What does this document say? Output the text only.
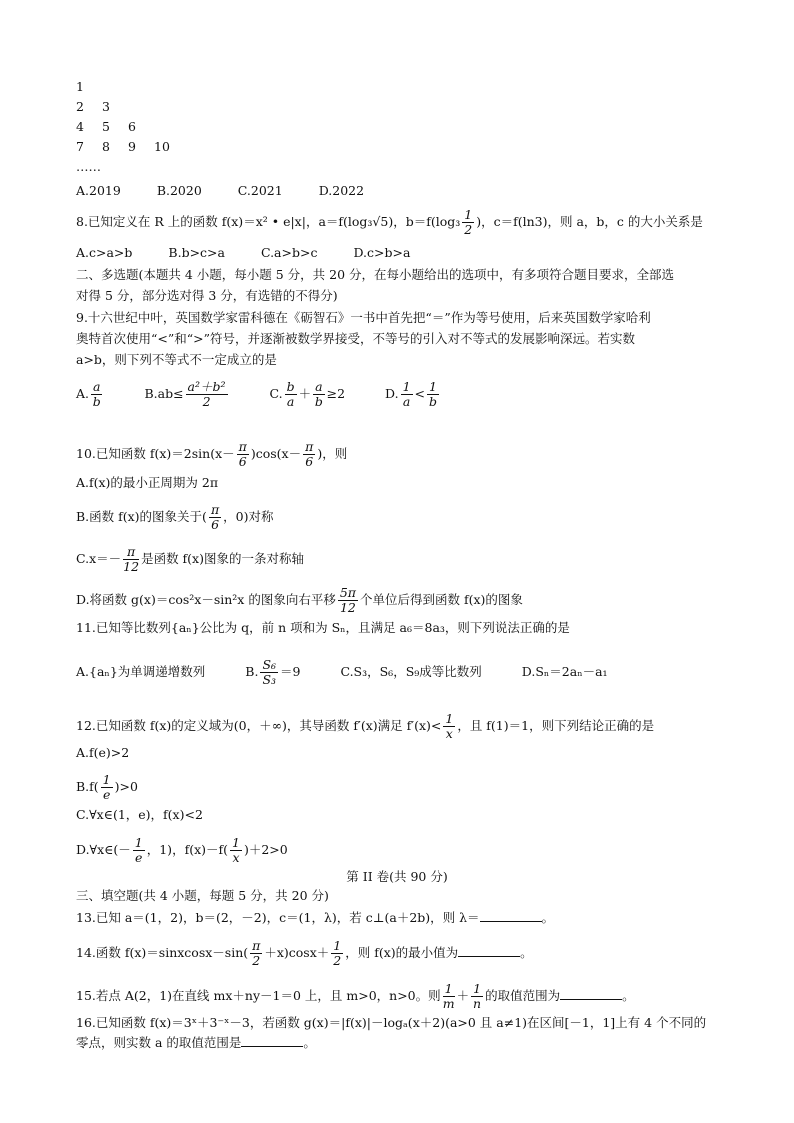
1
2 3
4 5 6
7 8 9 10
……
A.2019	B.2020	C.2021	D.2022
8.已知定义在 R 上的函数 f(x)＝x² • e|x|，a＝f(log₃√5)，$b=f(\log_3 \frac{1}{2}$ )，c＝f(ln3)，则 a，b，c 的大小关系是
A.c>a>b	B.b>c>a	C.a>b>c	D.c>b>a
二、多选题(本题共 4 小题，每小题 5 分，共 20 分，在每小题给出的选项中，有多项符合题目要求，全部选
对得 5 分，部分选对得 3 分，有选错的不得分)
9.十六世纪中叶，英国数学家雷科德在《砺智石》一书中首先把“＝”作为等号使用，后来英国数学家哈利
奥特首次使用“<”和“>”符号，并逐渐被数学界接受，不等号的引入对不等式的发展影响深远。若实数
a>b，则下列不等式不一定成立的是
A. $\frac{a}{b}$	$B.ab\le \frac{\text{a²＋b²}}{2}$	C. $\frac{b}{a} + \frac{a}{b} \ge 2$	D. $\frac{1}{a} < \frac{1}{b}$
10.已知函数 $f(x)=2\sin(x- \frac{\pi}{6} )\cos(x- \frac{\pi}{6}$ )，则
A.f(x)的最小正周期为 2π
B.函数 f(x)的图象关于( $\frac{\pi}{6}$ ，0)对称
$C.x=- \frac{\pi}{12}$ 是函数 f(x)图象的一条对称轴
D.将函数 g(x)＝cos²x－sin²x 的图象向右平移 $\frac{5\pi}{12}$ 个单位后得到函数 f(x)的图象
11.已知等比数列{aₙ}公比为 q，前 n 项和为 Sₙ，且满足 a₆＝8a₃，则下列说法正确的是
A.{aₙ}为单调递增数列	B. $\frac{\text{S₆}}{\text{S₃}} =9$	C.S₃，S₆，S₉成等比数列	D.Sₙ＝2aₙ－a₁
12.已知函数 f(x)的定义域为(0，＋∞)，其导函数 f′(x)满足 $f'(x)< \frac{1}{x}$ ，且 f(1)＝1，则下列结论正确的是
A.f(e)>2
$B.f( \frac{1}{e} )>0$
C.∀x∈(1，e)，f(x)<2
D.∀x∈(－ $\frac{1}{e}$ ，1)，$f(x)-f( \frac{1}{x} )+2>0$
第 II 卷(共 90 分)
三、填空题(共 4 小题，每题 5 分，共 20 分)
13.已知 a＝(1，2)，b＝(2，－2)，c＝(1，λ)，若 c⊥(a＋2b)，则 λ＝	。
14.函数 f(x)＝sinxcosx－sin( $\frac{\pi}{2} +x)\cos x+ \frac{1}{2}$ ，则 f(x)的最小值为	。
15.若点 A(2，1)在直线 mx＋ny－1＝0 上，且 m>0，n>0。则 $\frac{1}{m} + \frac{1}{n}$ 的取值范围为	。
16.已知函数 f(x)＝3ˣ＋3⁻ˣ－3，若函数 g(x)＝|f(x)|－logₐ(x＋2)(a>0 且 a≠1)在区间[－1，1]上有 4 个不同的
零点，则实数 a 的取值范围是	。
